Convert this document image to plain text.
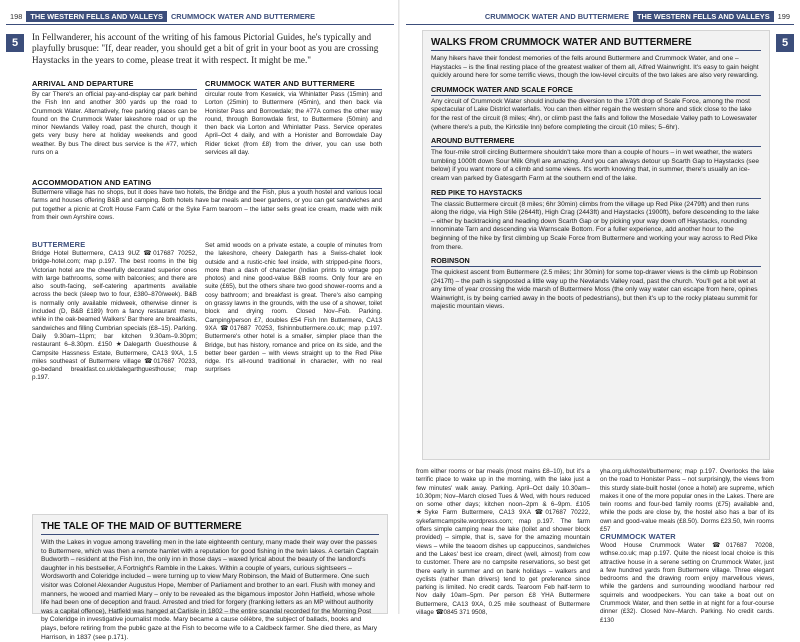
198	THE WESTERN FELLS AND VALLEYS	CRUMMOCK WATER AND BUTTERMERE
5	In Fellwanderer, his account of the writing of his famous Pictorial Guides, he's typically and playfully brusque: "If, dear reader, you should get a bit of grit in your boot as you are crossing Haystacks in the years to come, please treat it with respect. It might be me."
ARRIVAL AND DEPARTURE
By car There's an official pay-and-display car park behind the Fish Inn and another 300 yards up the road to Crummock Water. Alternatively, free parking places can be found on the Crummock Water lakeshore road or up the minor Newlands Valley road, past the church, though it gets very busy here at holiday weekends and good weather. By bus The direct bus service is the #77, which runs on a
CRUMMOCK WATER AND BUTTERMERE
circular route from Keswick, via Whinlatter Pass (15min) and Lorton (25min) to Buttermere (45min), and then back via Honister Pass and Borrowdale; the #77A comes the other way round, through Borrowdale first, to Buttermere (50min) and then back via Lorton and Whinlatter Pass. Service operates April–Oct 4 daily, and with a Honister and Borrowdale Day Rider ticket (from £8) from the driver, you can use both services all day.
ACCOMMODATION AND EATING
Buttermere village has no shops, but it does have two hotels, the Bridge and the Fish, plus a youth hostel and various local farms and houses offering B&B and camping. Both hotels have bar meals and beer gardens, or you can get sandwiches and put together a picnic at Croft House Farm Café or the Syke Farm tearoom – the latter sells great ice cream, made with milk from their own Ayrshire cows.
BUTTERMERE
Bridge Hotel Buttermere, CA13 9UZ ☎017687 70252, bridge-hotel.com; map p.197. The best rooms in the big Victorian hotel are the cheerfully decorated superior ones with large bathrooms, some with balconies; and there are also south-facing, self-catering apartments available across the beck (sleep two to four, £380–870/week). B&B is normally only available midweek, otherwise dinner is included (D, B&B £189) from a fancy restaurant menu, while in the oak-beamed Walkers' Bar there are breakfasts, sandwiches and filling Cumbrian specials (£8–15). Parking. Daily 9.30am–11pm; bar kitchen 9.30am–9.30pm; restaurant 6–8.30pm. £150 ★Dalegarth Guesthouse & Campsite Hassness Estate, Buttermere, CA13 9XA, 1.5 miles southeast of Buttermere village ☎017687 70233, go-bedand breakfast.co.uk/dalegarthguesthouse; map p.197.
Set amid woods on a private estate, a couple of minutes from the lakeshore, cheery Dalegarth has a Swiss-chalet look outside and a rustic-chic feel inside, with stripped-pine floors, more than a dash of character (Indian prints to vintage pop photos) and nine good-value B&B rooms. Only four are en suite (£65), but the others share two good shower-rooms and a cosy bathroom; and breakfast is great. There's also camping on grassy lawns in the grounds, with the use of a shower, toilet block and drying room. Closed Nov–Feb. Parking. Camping/person £7, doubles £54 Fish Inn Buttermere, CA13 9XA ☎017687 70253, fishinnbuttermere.co.uk; map p.197. Buttermere's other hotel is a smaller, simpler place than the Bridge, but has history, romance and price on its side, and the better beer garden – with views straight up to the Red Pike ridge. It's all-round traditional in character, with no real surprises
THE TALE OF THE MAID OF BUTTERMERE
With the Lakes in vogue among travelling men in the late eighteenth century, many made their way over the passes to Buttermere, which was then a remote hamlet with a reputation for good fishing in the twin lakes. A certain Captain Budworth – resident at the Fish Inn, the only inn in those days – waxed lyrical about the beauty of the landlord's daughter in his bestseller, A Fortnight's Ramble in the Lakes. Within a couple of years, curious sightseers – Wordsworth and Coleridge included – were turning up to view Mary Robinson, the Maid of Buttermere. One such visitor was Colonel Alexander Augustus Hope, Member of Parliament and brother to an earl. Flush with money and manners, he wooed and married Mary – only to be revealed as the bigamous impostor John Hatfield, whose whole life had been one of deception and fraud. Arrested and tried for forgery (franking letters as an MP without authority was a capital offence), Hatfield was hanged at Carlisle in 1802 – the entire scandal recorded for the Morning Post by Coleridge in investigative journalist mode. Mary became a cause célèbre, the subject of ballads, books and plays, before retiring from the public gaze at the Fish to become wife to a Caldbeck farmer. She died there, as Mary Harrison, in 1837 (see p.171).
CRUMMOCK WATER AND BUTTERMERE	THE WESTERN FELLS AND VALLEYS	199
5
WALKS FROM CRUMMOCK WATER AND BUTTERMERE
Many hikers have their fondest memories of the fells around Buttermere and Crummock Water, and one – Haystacks – is the final resting place of the greatest walker of them all, Alfred Wainwright. It's easy to gain height quickly around here for some terrific views, though the low-level circuits of the two lakes are also very rewarding.
CRUMMOCK WATER AND SCALE FORCE
Any circuit of Crummock Water should include the diversion to the 170ft drop of Scale Force, among the most spectacular of Lake District waterfalls. You can then either regain the western shore and stick close to the lake for the rest of the circuit (8 miles; 4hr), or climb past the falls and follow the Mosedale Valley path to Loweswater (where there's a pub, the Kirkstile Inn) before completing the circuit (10 miles; 5–6hr).
AROUND BUTTERMERE
The four-mile stroll circling Buttermere shouldn't take more than a couple of hours – in wet weather, the waters tumbling 1000ft down Sour Milk Ghyll are amazing. And you can always detour up Scarth Gap to Haystacks (see below) if you want more of a climb and some views. It's worth knowing that, in summer, there's usually an ice-cream van parked by Gatesgarth Farm at the southern end of the lake.
RED PIKE TO HAYSTACKS
The classic Buttermere circuit (8 miles; 6hr 30min) climbs from the village up Red Pike (2479ft) and then runs along the ridge, via High Stile (2644ft), High Crag (2443ft) and Haystacks (1900ft), before descending to the lake – either by backtracking and heading down Scarth Gap or by picking your way down off Haystacks, rounding Innominate Tarn and descending via Warnscale Bottom. For a fuller experience, add another hour to the beginning of the hike by first climbing up Scale Force from Buttermere and working your way across to Red Pike from there.
ROBINSON
The quickest ascent from Buttermere (2.5 miles; 1hr 30min) for some top-drawer views is the climb up Robinson (2417ft) – the path is signposted a little way up the Newlands Valley road, past the church. You'll get a bit wet at any time of year crossing the wide marsh of Buttermere Moss (the only way water can escape from here, opines Wainwright, is by being carried away in the boots of pedestrians), but then it's up to the rocky plateau summit for majestic mountain views.
from either rooms or bar meals (most mains £8–10), but it's a terrific place to wake up in the morning, with the lake just a few minutes' walk away. Parking. April–Oct daily 10.30am–10.30pm; Nov–March closed Tues & Wed, with hours reduced on some other days; kitchen noon–2pm & 6–9pm. £105 ★Syke Farm Buttermere, CA13 9XA ☎017687 70222, sykefarmcampsite.wordpress.com; map p.197. The farm offers simple camping near the lake (toilet and shower block provided) – simple, that is, save for the amazing mountain views – while the teaoom dishes up cappuccinos, sandwiches and the Lakes' best ice cream, direct (well, almost) from cow to customer. There are no campsite reservations, so best get there early in summer and on bank holidays – walkers and cyclists (rather than drivers) tend to get preference since parking is limited. No credit cards. Tearoom Feb half-term to Nov daily 10am–5pm. Per person £8 YHA Buttermere Buttermere, CA13 9XA, 0.25 mile southeast of Buttermere village ☎0845 371 9508,
yha.org.uk/hostel/buttermere; map p.197. Overlooks the lake on the road to Honister Pass – not surprisingly, the views from this sturdy slate-built hostel (once a hotel) are supreme, which makes it one of the more popular ones in the Lakes. There are twin rooms and four-bed family rooms (£75) available and, while the pods are close by, the hostel also has a bar of its own and good-value meals (£8.50). Dorms £23.50, twin rooms £57
CRUMMOCK WATER
Wood House Crummock Water ☎017687 70208, wdhse.co.uk; map p.197. Quite the nicest local choice is this attractive house in a serene setting on Crummock Water, just a few hundred yards from Buttermere village. Three elegant bedrooms and the drawing room enjoy marvellous views, while the gardens and surrounding woodland harbour red squirrels and woodpeckers. You can take a boat out on Crummock Water, and then settle in at night for a four-course dinner (£32). Closed Nov–March. Parking. No credit cards. £130
